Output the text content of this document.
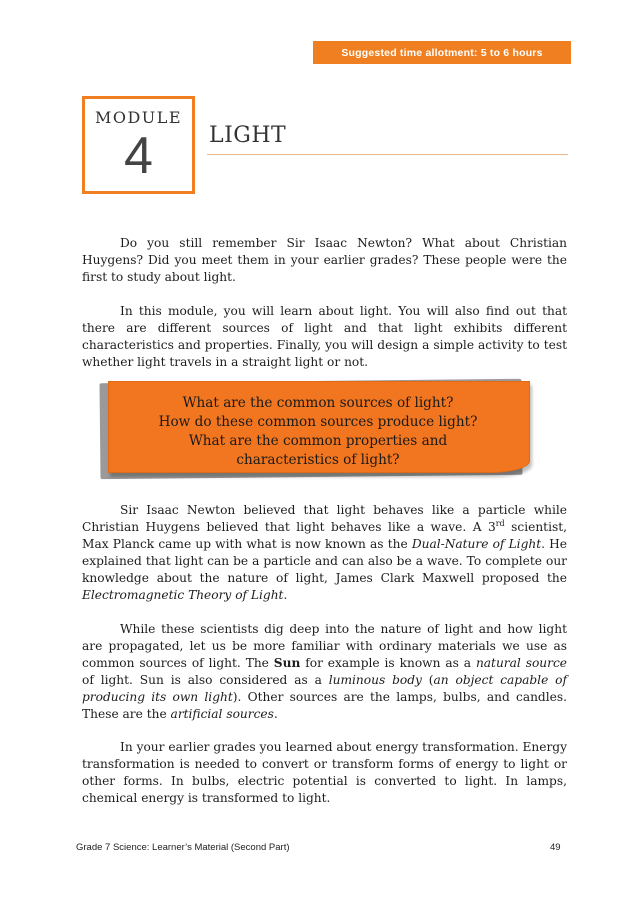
Suggested time allotment: 5 to 6 hours
MODULE
4	LIGHT

Do you still remember Sir Isaac Newton? What about Christian Huygens? Did you meet them in your earlier grades? These people were the first to study about light.

In this module, you will learn about light. You will also find out that there are different sources of light and that light exhibits different characteristics and properties. Finally, you will design a simple activity to test whether light travels in a straight light or not.

What are the common sources of light?
How do these common sources produce light?
What are the common properties and
characteristics of light?

Sir Isaac Newton believed that light behaves like a particle while Christian Huygens believed that light behaves like a wave. A 3rd scientist, Max Planck came up with what is now known as the Dual-Nature of Light. He explained that light can be a particle and can also be a wave. To complete our knowledge about the nature of light, James Clark Maxwell proposed the Electromagnetic Theory of Light.

While these scientists dig deep into the nature of light and how light are propagated, let us be more familiar with ordinary materials we use as common sources of light. The Sun for example is known as a natural source of light. Sun is also considered as a luminous body (an object capable of producing its own light). Other sources are the lamps, bulbs, and candles. These are the artificial sources.

In your earlier grades you learned about energy transformation. Energy transformation is needed to convert or transform forms of energy to light or other forms. In bulbs, electric potential is converted to light. In lamps, chemical energy is transformed to light.

Grade 7 Science: Learner’s Material (Second Part)	49
